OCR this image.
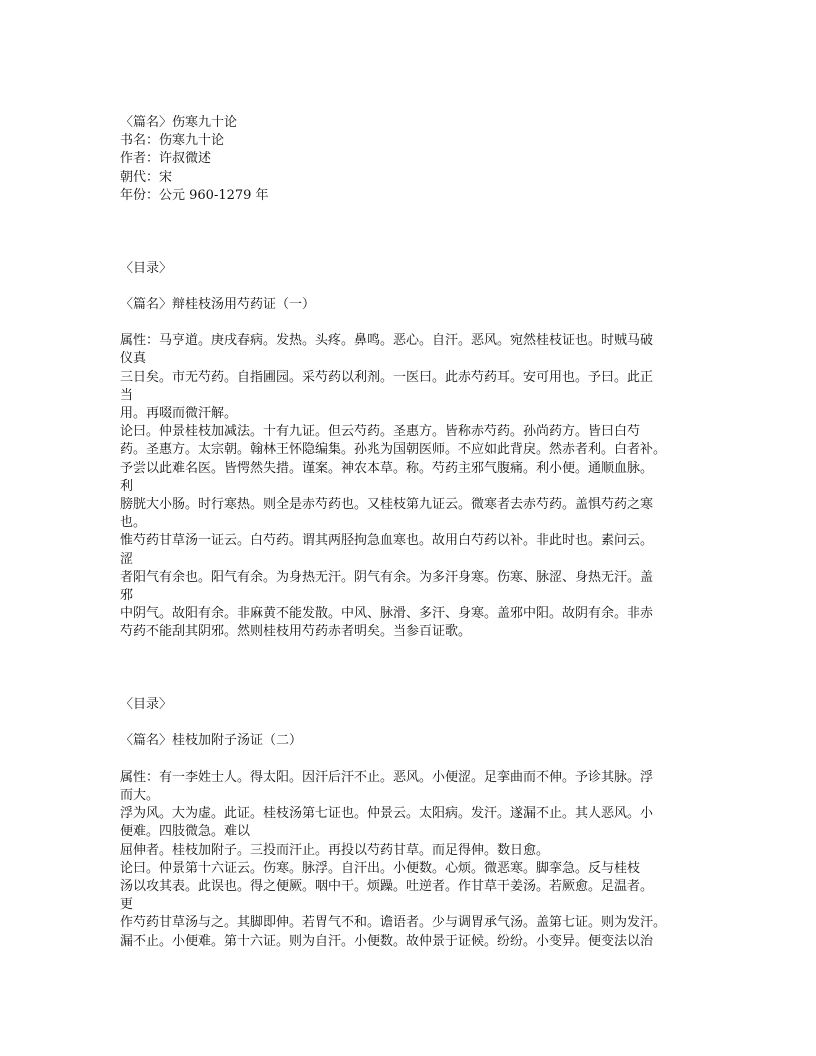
〈篇名〉伤寒九十论
书名：伤寒九十论
作者：许叔微述
朝代：宋
年份：公元 960-1279 年
〈目录〉
〈篇名〉辩桂枝汤用芍药证（一）
属性：马亨道。庚戌春病。发热。头疼。鼻鸣。恶心。自汗。恶风。宛然桂枝证也。时贼马破
仪真
三日矣。市无芍药。自指圃园。采芍药以利剂。一医曰。此赤芍药耳。安可用也。予曰。此正
当
用。再啜而微汗解。
论曰。仲景桂枝加减法。十有九证。但云芍药。圣惠方。皆称赤芍药。孙尚药方。皆曰白芍
药。圣惠方。太宗朝。翰林王怀隐编集。孙兆为国朝医师。不应如此背戾。然赤者利。白者补。
予尝以此难名医。皆愕然失措。谨案。神农本草。称。芍药主邪气腹痛。利小便。通顺血脉。
利
膀胱大小肠。时行寒热。则全是赤芍药也。又桂枝第九证云。微寒者去赤芍药。盖惧芍药之寒
也。
惟芍药甘草汤一证云。白芍药。谓其两胫拘急血寒也。故用白芍药以补。非此时也。素问云。
涩
者阳气有余也。阳气有余。为身热无汗。阴气有余。为多汗身寒。伤寒、脉涩、身热无汗。盖
邪
中阴气。故阳有余。非麻黄不能发散。中风、脉滑、多汗、身寒。盖邪中阳。故阴有余。非赤
芍药不能刮其阴邪。然则桂枝用芍药赤者明矣。当参百证歌。
〈目录〉
〈篇名〉桂枝加附子汤证（二）
属性：有一李姓士人。得太阳。因汗后汗不止。恶风。小便涩。足挛曲而不伸。予诊其脉。浮
而大。
浮为风。大为虚。此证。桂枝汤第七证也。仲景云。太阳病。发汗。遂漏不止。其人恶风。小
便难。四肢微急。难以
屈伸者。桂枝加附子。三投而汗止。再投以芍药甘草。而足得伸。数日愈。
论曰。仲景第十六证云。伤寒。脉浮。自汗出。小便数。心烦。微恶寒。脚挛急。反与桂枝
汤以攻其表。此误也。得之便厥。咽中干。烦躁。吐逆者。作甘草干姜汤。若厥愈。足温者。
更
作芍药甘草汤与之。其脚即伸。若胃气不和。谵语者。少与调胃承气汤。盖第七证。则为发汗。
漏不止。小便难。第十六证。则为自汗。小便数。故仲景于证候。纷纷。小变异。便变法以治
